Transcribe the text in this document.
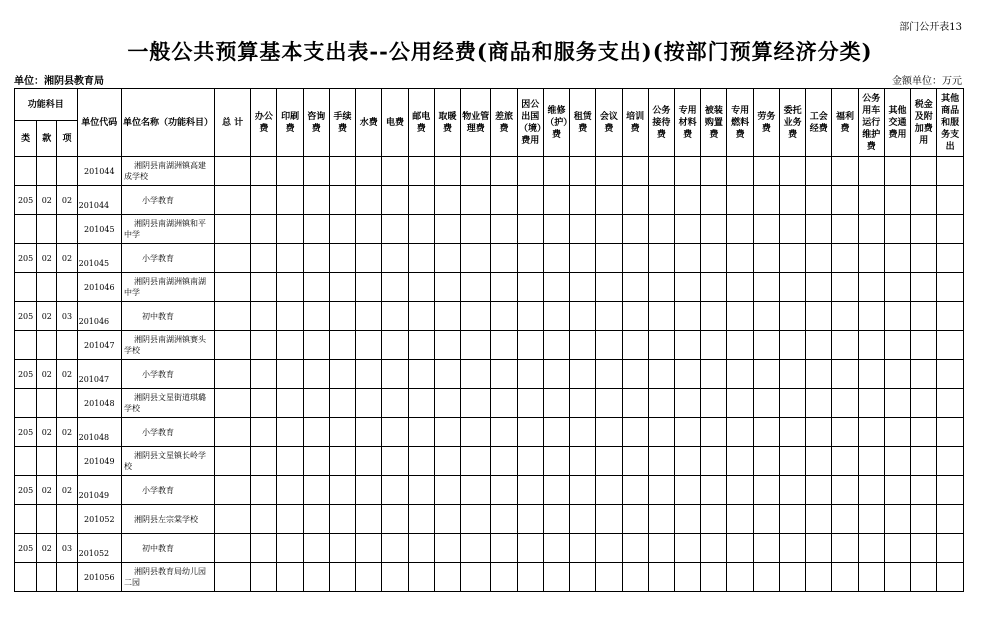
部门公开表13
一般公共预算基本支出表--公用经费(商品和服务支出)(按部门预算经济分类)
单位：湘阴县教育局	金额单位：万元
功能科目			单位代码	单位名称（功能科目）	总 计	办公费	印刷费	咨询费	手续费	水费	电费	邮电费	取暖费	物业管理费	差旅费	因公出国（境）费用	维修（护）费	租赁费	会议费	培训费	公务接待费	专用材料费	被装购置费	专用燃料费	劳务费	委托业务费	工会经费	福利费	公务用车运行维护费	其他交通费用	税金及附加费用	其他商品和服务支出
类	款	项																														
			201044	湘阴县南湖洲镇高建成学校																												
205	02	02	201044	小学教育																												
			201045	湘阴县南湖洲镇和平中学																												
205	02	02	201045	小学教育																												
			201046	湘阴县南湖洲镇南湖中学																												
205	02	03	201046	初中教育																												
			201047	湘阴县南湖洲镇赛头学校																												
205	02	02	201047	小学教育																												
			201048	湘阴县文星街道琪璐学校																												
205	02	02	201048	小学教育																												
			201049	湘阴县文星镇长岭学校																												
205	02	02	201049	小学教育																												
			201052	湘阴县左宗棠学校																												
205	02	03	201052	初中教育																												
			201056	湘阴县教育局幼儿园二园																												
